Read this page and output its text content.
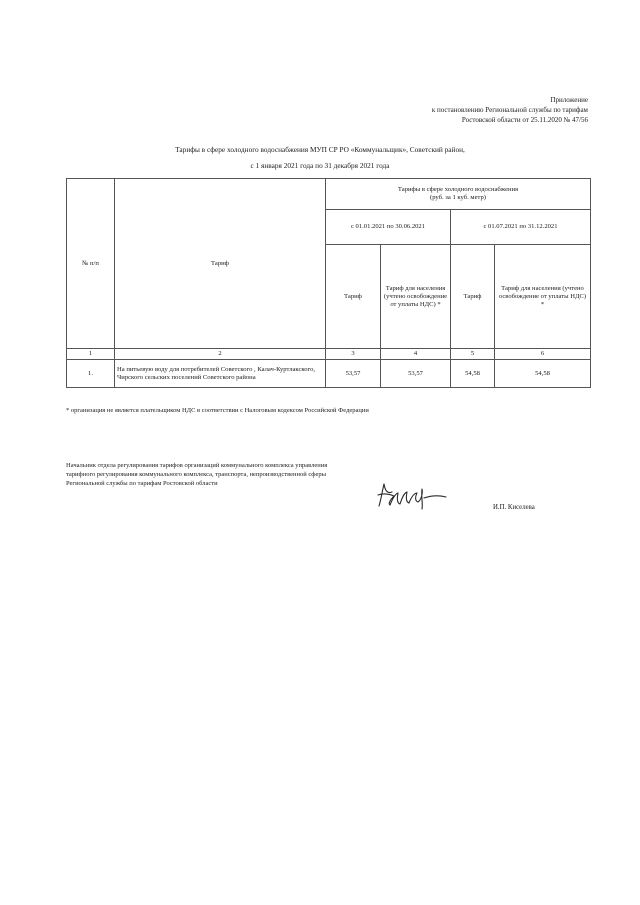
Приложение
к постановлению Региональной службы по тарифам
Ростовской области от 25.11.2020 № 47/56
Тарифы в сфере холодного водоснабжения МУП СР РО «Коммунальщик», Советский район,
с 1 января 2021 года по 31 декабря 2021 года
№ п/п	Тариф	Тарифы в сфере холодного водоснабжения
(руб. за 1 куб. метр)			

		с 01.01.2021 по 30.06.2021		с 01.07.2021 по 31.12.2021	
		Тариф	Тариф для населения (учтено освобождение от уплаты НДС) *	Тариф	Тариф для населения (учтено освобождение от уплаты НДС) *
1	2	3	4	5	6
1.	На питьевую воду для потребителей Советского , Калач-Куртлакского, Чирского сельских поселений Советского района	53,57	53,57	54,58	54,58
* организация не является плательщиком НДС в соответствии с Налоговым кодексом Российской Федерации
Начальник отдела регулирования тарифов организаций коммунального комплекса управления тарифного регулирования коммунального комплекса, транспорта, непроизводственной сферы Региональной службы по тарифам Ростовской области
И.П. Киселева
